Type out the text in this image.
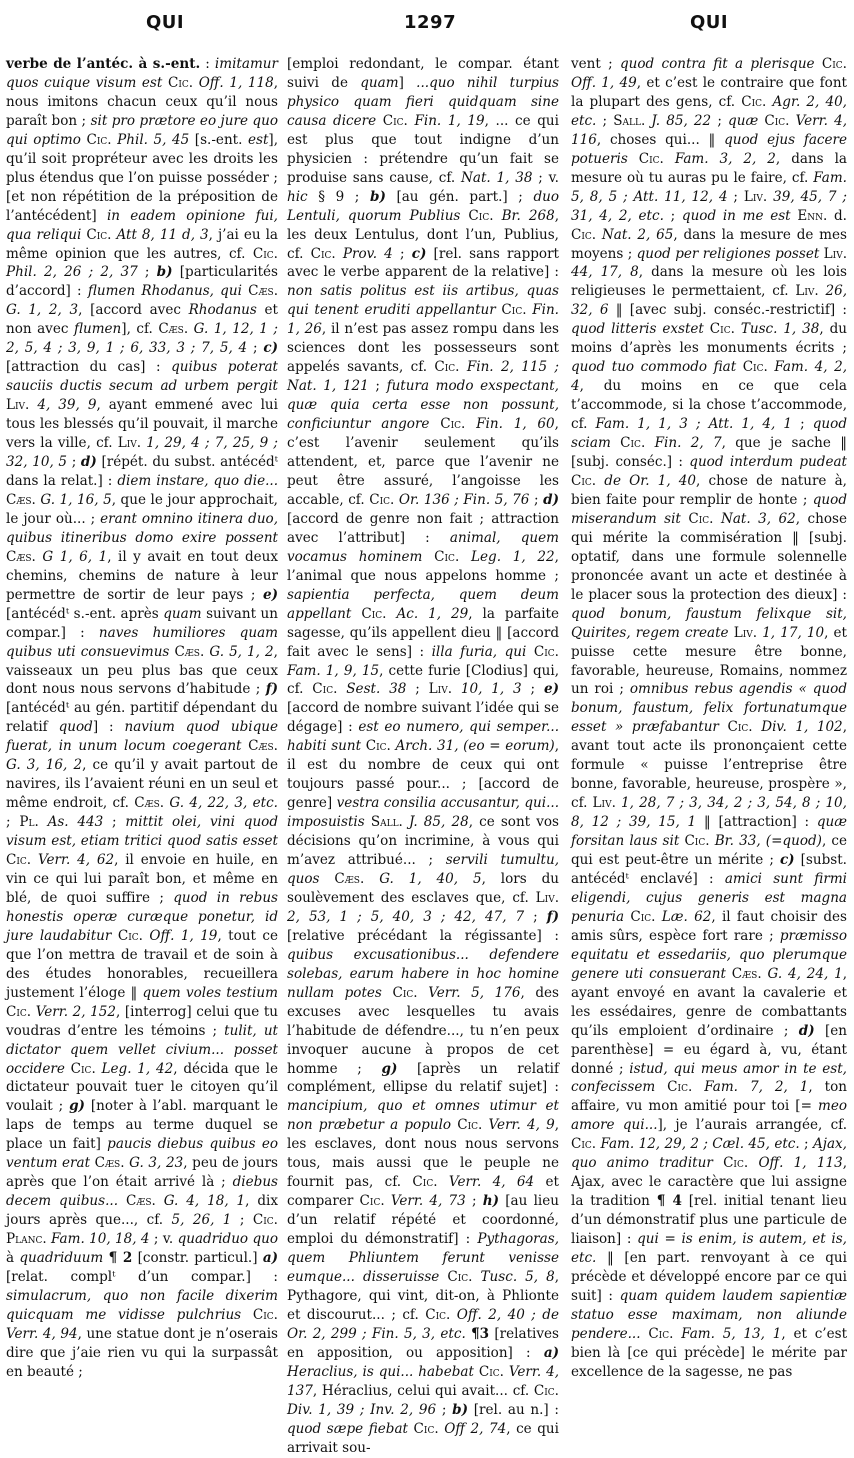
QUI	1297	QUI

verbe de l’antéc. à s.-ent. : imitamur quos cuique visum est Cic. Off. 1, 118, nous imitons chacun ceux qu’il nous paraît bon ; sit pro prætore eo jure quo qui optimo Cic. Phil. 5, 45 [s.-ent. est], qu’il soit propréteur avec les droits les plus étendus que l’on puisse posséder ; [et non répétition de la préposition de l’antécédent] in eadem opinione fui, qua reliqui Cic. Att 8, 11 d, 3, j’ai eu la même opinion que les autres, cf. Cic. Phil. 2, 26 ; 2, 37 ; b) [particularités d’accord] : flumen Rhodanus, qui Cæs. G. 1, 2, 3, [accord avec Rhodanus et non avec flumen], cf. Cæs. G. 1, 12, 1 ; 2, 5, 4 ; 3, 9, 1 ; 6, 33, 3 ; 7, 5, 4 ; c) [attraction du cas] : quibus poterat sauciis ductis secum ad urbem pergit Liv. 4, 39, 9, ayant emmené avec lui tous les blessés qu’il pouvait, il marche vers la ville, cf. Liv. 1, 29, 4 ; 7, 25, 9 ; 32, 10, 5 ; d) [répét. du subst. antécédᵗ dans la relat.] : diem instare, quo die... Cæs. G. 1, 16, 5, que le jour approchait, le jour où... ; erant omnino itinera duo, quibus itineribus domo exire possent Cæs. G 1, 6, 1, il y avait en tout deux chemins, chemins de nature à leur permettre de sortir de leur pays ; e) [antécédᵗ s.-ent. après quam suivant un compar.] : naves humiliores quam quibus uti consuevimus Cæs. G. 5, 1, 2, vaisseaux un peu plus bas que ceux dont nous nous servons d’habitude ; f) [antécédᵗ au gén. partitif dépendant du relatif quod] : navium quod ubique fuerat, in unum locum coegerant Cæs. G. 3, 16, 2, ce qu’il y avait partout de navires, ils l’avaient réuni en un seul et même endroit, cf. Cæs. G. 4, 22, 3, etc. ; Pl. As. 443 ; mittit olei, vini quod visum est, etiam tritici quod satis esset Cic. Verr. 4, 62, il envoie en huile, en vin ce qui lui paraît bon, et même en blé, de quoi suffire ; quod in rebus honestis operæ curæque ponetur, id jure laudabitur Cic. Off. 1, 19, tout ce que l’on mettra de travail et de soin à des études honorables, recueillera justement l’éloge ‖ quem voles testium Cic. Verr. 2, 152, [interrog] celui que tu voudras d’entre les témoins ; tulit, ut dictator quem vellet civium... posset occidere Cic. Leg. 1, 42, décida que le dictateur pouvait tuer le citoyen qu’il voulait ; g) [noter à l’abl. marquant le laps de temps au terme duquel se place un fait] paucis diebus quibus eo ventum erat Cæs. G. 3, 23, peu de jours après que l’on était arrivé là ; diebus decem quibus... Cæs. G. 4, 18, 1, dix jours après que..., cf. 5, 26, 1 ; Cic. Planc. Fam. 10, 18, 4 ; v. quadriduo quo à quadriduum ¶ 2 [constr. particul.] a) [relat. complᵗ d’un compar.] : simulacrum, quo non facile dixerim quicquam me vidisse pulchrius Cic. Verr. 4, 94, une statue dont je n’oserais dire que j’aie rien vu qui la surpassât en beauté ;

[emploi redondant, le compar. étant suivi de quam] ...quo nihil turpius physico quam fieri quidquam sine causa dicere Cic. Fin. 1, 19, ... ce qui est plus que tout indigne d’un physicien : prétendre qu’un fait se produise sans cause, cf. Nat. 1, 38 ; v. hic § 9 ; b) [au gén. part.] ; duo Lentuli, quorum Publius Cic. Br. 268, les deux Lentulus, dont l’un, Publius, cf. Cic. Prov. 4 ; c) [rel. sans rapport avec le verbe apparent de la relative] : non satis politus est iis artibus, quas qui tenent eruditi appellantur Cic. Fin. 1, 26, il n’est pas assez rompu dans les sciences dont les possesseurs sont appelés savants, cf. Cic. Fin. 2, 115 ; Nat. 1, 121 ; futura modo exspectant, quæ quia certa esse non possunt, conficiuntur angore Cic. Fin. 1, 60, c’est l’avenir seulement qu’ils attendent, et, parce que l’avenir ne peut être assuré, l’angoisse les accable, cf. Cic. Or. 136 ; Fin. 5, 76 ; d) [accord de genre non fait ; attraction avec l’attribut] : animal, quem vocamus hominem Cic. Leg. 1, 22, l’animal que nous appelons homme ; sapientia perfecta, quem deum appellant Cic. Ac. 1, 29, la parfaite sagesse, qu’ils appellent dieu ‖ [accord fait avec le sens] : illa furia, qui Cic. Fam. 1, 9, 15, cette furie [Clodius] qui, cf. Cic. Sest. 38 ; Liv. 10, 1, 3 ; e) [accord de nombre suivant l’idée qui se dégage] : est eo numero, qui semper... habiti sunt Cic. Arch. 31, (eo = eorum), il est du nombre de ceux qui ont toujours passé pour... ; [accord de genre] vestra consilia accusantur, qui... imposuistis Sall. J. 85, 28, ce sont vos décisions qu’on incrimine, à vous qui m’avez attribué... ; servili tumultu, quos Cæs. G. 1, 40, 5, lors du soulèvement des esclaves que, cf. Liv. 2, 53, 1 ; 5, 40, 3 ; 42, 47, 7 ; f) [relative précédant la régissante] : quibus excusationibus... defendere solebas, earum habere in hoc homine nullam potes Cic. Verr. 5, 176, des excuses avec lesquelles tu avais l’habitude de défendre..., tu n’en peux invoquer aucune à propos de cet homme ; g) [après un relatif complément, ellipse du relatif sujet] : mancipium, quo et omnes utimur et non præbetur a populo Cic. Verr. 4, 9, les esclaves, dont nous nous servons tous, mais aussi que le peuple ne fournit pas, cf. Cic. Verr. 4, 64 et comparer Cic. Verr. 4, 73 ; h) [au lieu d’un relatif répété et coordonné, emploi du démonstratif] : Pythagoras, quem Phliuntem ferunt venisse eumque... disseruisse Cic. Tusc. 5, 8, Pythagore, qui vint, dit-on, à Phlionte et discourut... ; cf. Cic. Off. 2, 40 ; de Or. 2, 299 ; Fin. 5, 3, etc. ¶3 [relatives en apposition, ou apposition] : a) Heraclius, is qui... habebat Cic. Verr. 4, 137, Héraclius, celui qui avait... cf. Cic. Div. 1, 39 ; Inv. 2, 96 ; b) [rel. au n.] : quod sæpe fiebat Cic. Off 2, 74, ce qui arrivait sou-

vent ; quod contra fit a plerisque Cic. Off. 1, 49, et c’est le contraire que font la plupart des gens, cf. Cic. Agr. 2, 40, etc. ; Sall. J. 85, 22 ; quæ Cic. Verr. 4, 116, choses qui... ‖ quod ejus facere potueris Cic. Fam. 3, 2, 2, dans la mesure où tu auras pu le faire, cf. Fam. 5, 8, 5 ; Att. 11, 12, 4 ; Liv. 39, 45, 7 ; 31, 4, 2, etc. ; quod in me est Enn. d. Cic. Nat. 2, 65, dans la mesure de mes moyens ; quod per religiones posset Liv. 44, 17, 8, dans la mesure où les lois religieuses le permettaient, cf. Liv. 26, 32, 6 ‖ [avec subj. conséc.-restrictif] : quod litteris exstet Cic. Tusc. 1, 38, du moins d’après les monuments écrits ; quod tuo commodo fiat Cic. Fam. 4, 2, 4, du moins en ce que cela t’accommode, si la chose t’accommode, cf. Fam. 1, 1, 3 ; Att. 1, 4, 1 ; quod sciam Cic. Fin. 2, 7, que je sache ‖ [subj. conséc.] : quod interdum pudeat Cic. de Or. 1, 40, chose de nature à, bien faite pour remplir de honte ; quod miserandum sit Cic. Nat. 3, 62, chose qui mérite la commisération ‖ [subj. optatif, dans une formule solennelle prononcée avant un acte et destinée à le placer sous la protection des dieux] : quod bonum, faustum felixque sit, Quirites, regem create Liv. 1, 17, 10, et puisse cette mesure être bonne, favorable, heureuse, Romains, nommez un roi ; omnibus rebus agendis « quod bonum, faustum, felix fortunatumque esset » præfabantur Cic. Div. 1, 102, avant tout acte ils prononçaient cette formule « puisse l’entreprise être bonne, favorable, heureuse, prospère », cf. Liv. 1, 28, 7 ; 3, 34, 2 ; 3, 54, 8 ; 10, 8, 12 ; 39, 15, 1 ‖ [attraction] : quæ forsitan laus sit Cic. Br. 33, (=quod), ce qui est peut-être un mérite ; c) [subst. antécédᵗ enclavé] : amici sunt firmi eligendi, cujus generis est magna penuria Cic. Læ. 62, il faut choisir des amis sûrs, espèce fort rare ; præmisso equitatu et essedariis, quo plerumque genere uti consuerant Cæs. G. 4, 24, 1, ayant envoyé en avant la cavalerie et les essédaires, genre de combattants qu’ils emploient d’ordinaire ; d) [en parenthèse] = eu égard à, vu, étant donné ; istud, qui meus amor in te est, confecissem Cic. Fam. 7, 2, 1, ton affaire, vu mon amitié pour toi [= meo amore qui...], je l’aurais arrangée, cf. Cic. Fam. 12, 29, 2 ; Cæl. 45, etc. ; Ajax, quo animo traditur Cic. Off. 1, 113, Ajax, avec le caractère que lui assigne la tradition ¶ 4 [rel. initial tenant lieu d’un démonstratif plus une particule de liaison] : qui = is enim, is autem, et is, etc. ‖ [en part. renvoyant à ce qui précède et développé encore par ce qui suit] : quam quidem laudem sapientiæ statuo esse maximam, non aliunde pendere... Cic. Fam. 5, 13, 1, et c’est bien là [ce qui précède] le mérite par excellence de la sagesse, ne pas
